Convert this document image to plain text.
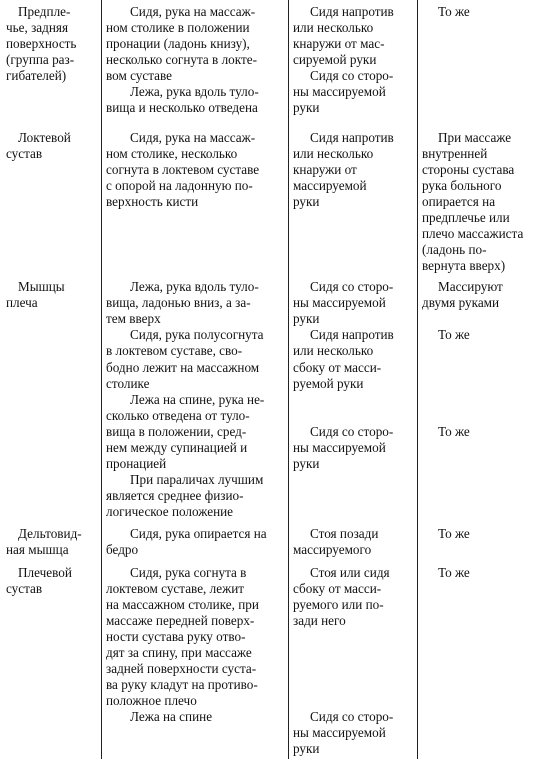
Предпле-
чье, задняя
поверхность
(группа раз-
гибателей)
Сидя, рука на массаж-
ном столике в положении
пронации (ладонь книзу),
несколько согнута в локте-
вом суставе
Лежа, рука вдоль туло-
вища и несколько отведена
Сидя напротив
или несколько
кнаружи от мас-
сируемой руки
Сидя со сторо-
ны массируемой
руки
То же
Локтевой
сустав
Сидя, рука на массаж-
ном столике, несколько
согнута в локтевом суставе
с опорой на ладонную по-
верхность кисти
Сидя напротив
или несколько
кнаружи от
массируемой
руки
При массаже
внутренней
стороны сустава
рука больного
опирается на
предплечье или
плечо массажиста
(ладонь по-
вернута вверх)
Мышцы
плеча
Лежа, рука вдоль туло-
вища, ладонью вниз, а за-
тем вверх
Сидя, рука полусогнута
в локтевом суставе, сво-
бодно лежит на массажном
столике
Лежа на спине, рука не-
сколько отведена от туло-
вища в положении, сред-
нем между супинацией и
пронацией
При параличах лучшим
является среднее физио-
логическое положение
Сидя со сторо-
ны массируемой
руки
Сидя напротив
или несколько
сбоку от масси-
руемой руки
Сидя со сторо-
ны массируемой
руки
Массируют
двумя руками
То же
То же
Дельтовид-
ная мышца
Сидя, рука опирается на
бедро
Стоя позади
массируемого
То же
Плечевой
сустав
Сидя, рука согнута в
локтевом суставе, лежит
на массажном столике, при
массаже передней поверх-
ности сустава руку отво-
дят за спину, при массаже
задней поверхности суста-
ва руку кладут на противо-
положное плечо
Лежа на спине
Стоя или сидя
сбоку от масси-
руемого или по-
зади него
Сидя со сторо-
ны массируемой
руки
То же
